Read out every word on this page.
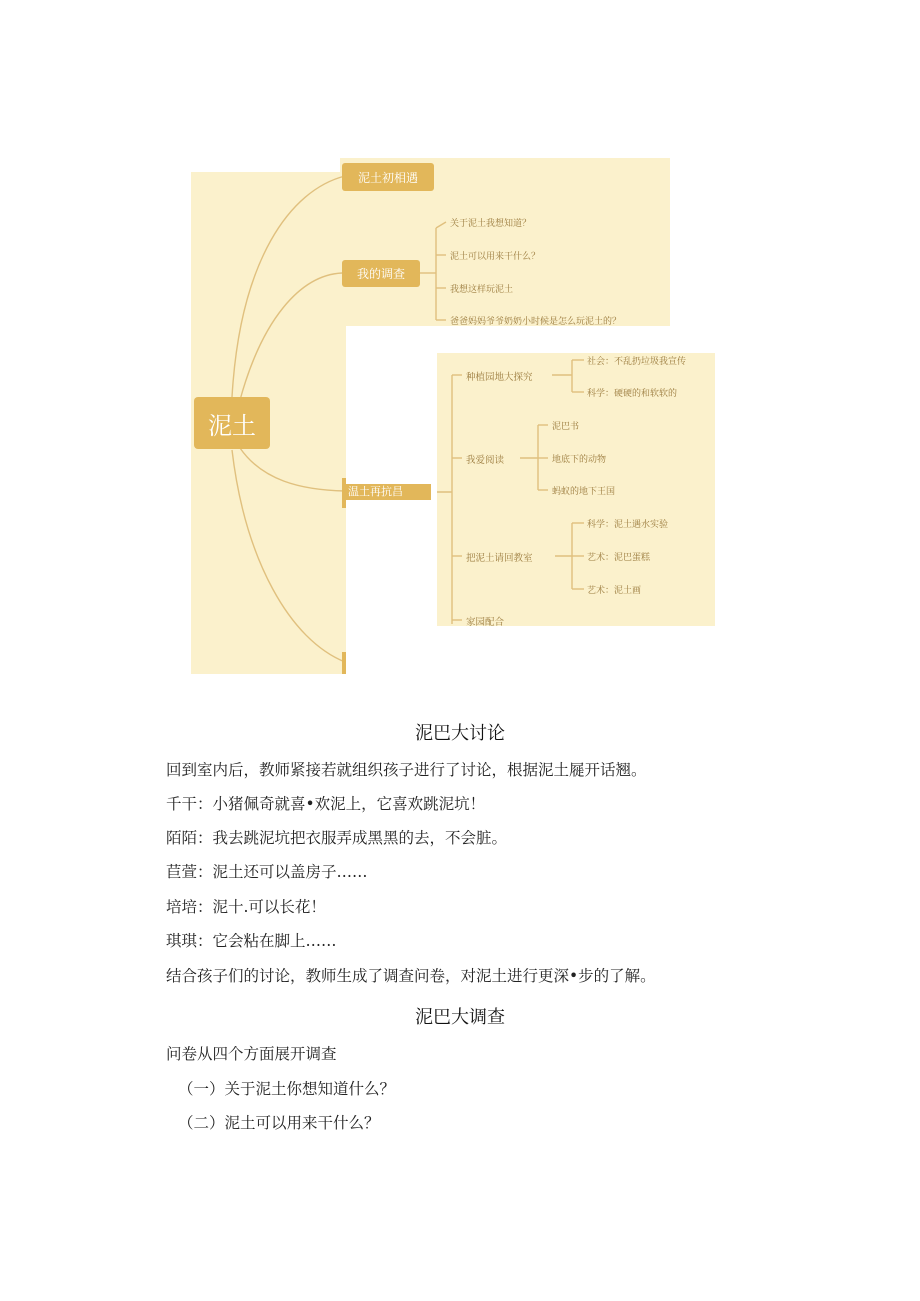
泥土
泥土初相遇
我的调查
温土再抗昌
关于泥土我想知道？
泥土可以用来干什么？
我想这样玩泥土
爸爸妈妈爷爷奶奶小时候是怎么玩泥土的？
种植园地大探究
社会：不乱扔垃圾我宣传
科学：硬硬的和软软的
我爱阅读
泥巴书
地底下的动物
蚂蚁的地下王国
把泥土请回教室
科学：泥土遇水实验
艺术：泥巴蛋糕
艺术：泥土画
家园配合
泥巴大讨论
回到室内后，教师紧接若就组织孩子进行了讨论，根据泥土屣开话翘。
千干：小猪佩奇就喜•欢泥上，它喜欢跳泥坑！
陌陌：我去跳泥坑把衣服弄成黑黑的去，不会脏。
苣萱：泥土还可以盖房子……
培培：泥十.可以长花！
琪琪：它会粘在脚上……
结合孩子们的讨论，教师生成了调查问卷，对泥土进行更深•步的了解。
泥巴大调查
问卷从四个方面展开调查
（一）关于泥土你想知道什么？
（二）泥土可以用来干什么？
